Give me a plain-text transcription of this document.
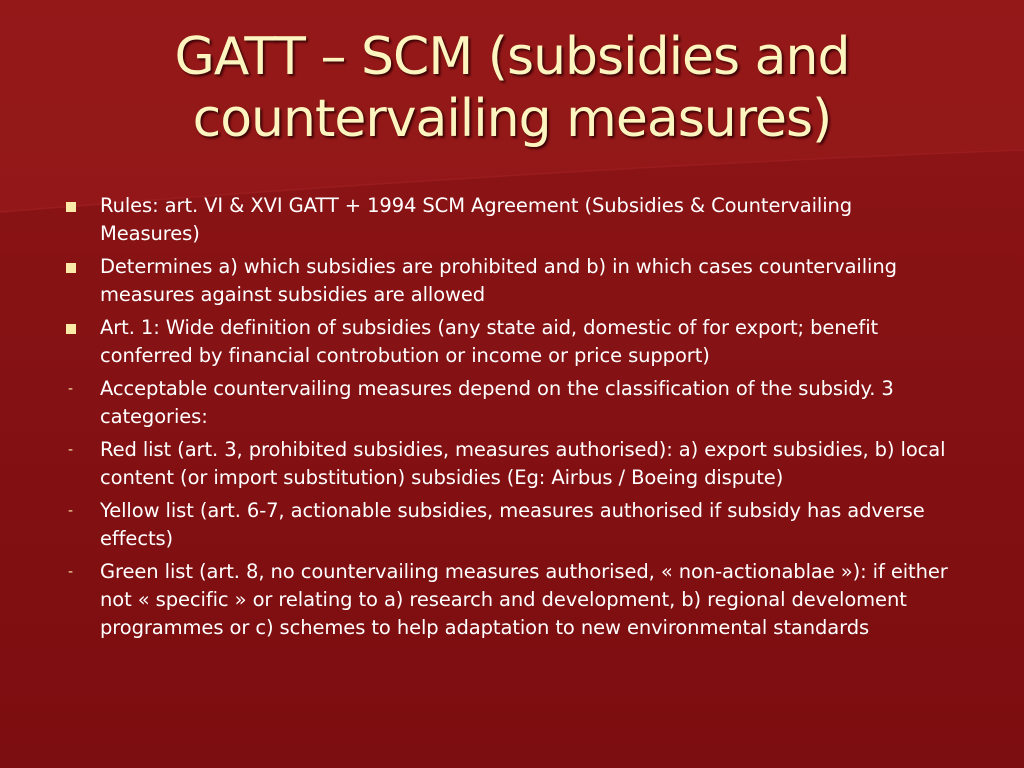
GATT – SCM (subsidies and countervailing measures)
Rules: art. VI & XVI GATT + 1994 SCM Agreement (Subsidies & Countervailing Measures)
Determines a) which subsidies are prohibited and b) in which cases countervailing measures against subsidies are allowed
Art. 1: Wide definition of subsidies (any state aid, domestic of for export; benefit conferred by financial controbution or income or price support)
-
Acceptable countervailing measures depend on the classification of the subsidy. 3 categories:
-
Red list (art. 3, prohibited subsidies, measures authorised): a) export subsidies, b) local content (or import substitution) subsidies (Eg: Airbus / Boeing dispute)
-
Yellow list (art. 6-7, actionable subsidies, measures authorised if subsidy has adverse effects)
-
Green list (art. 8, no countervailing measures authorised, « non-actionablae »): if either not « specific » or relating to a) research and development, b) regional develoment programmes or c) schemes to help adaptation to new environmental standards
